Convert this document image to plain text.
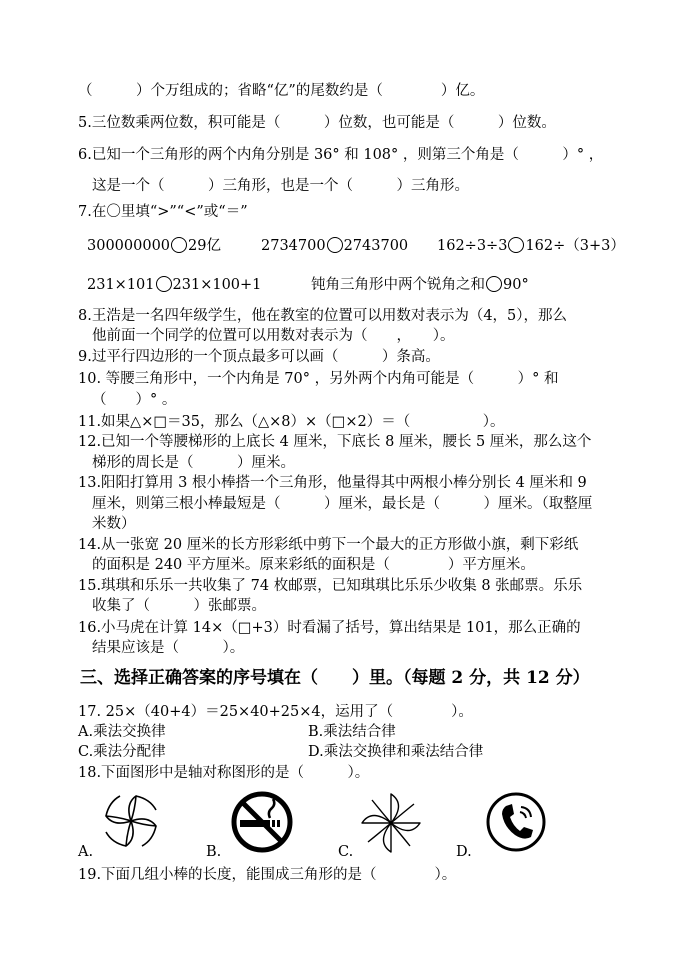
（　　　）个万组成的；省略“亿”的尾数约是（　　　　）亿。
5.三位数乘两位数，积可能是（　　　）位数，也可能是（　　　）位数。
6.已知一个三角形的两个内角分别是 36° 和 108° ，则第三个角是（　　　）° ，
这是一个（　　　）三角形，也是一个（　　　）三角形。
7.在〇里填“>”“<”或“＝”
300000000 29亿	2734700 2743700 162÷3÷3 162÷（3+3）
231×101 231×100+1	钝角三角形中两个锐角之和 90°
8.王浩是一名四年级学生，他在教室的位置可以用数对表示为（4，5），那么
他前面一个同学的位置可以用数对表示为（　　，　　）。
9.过平行四边形的一个顶点最多可以画（　　　）条高。
10. 等腰三角形中，一个内角是 70° ，另外两个内角可能是（　　　）° 和
（　　）° 。
11.如果△×□＝35，那么（△×8）×（□×2）＝（　　　　　）。
12.已知一个等腰梯形的上底长 4 厘米，下底长 8 厘米，腰长 5 厘米，那么这个
梯形的周长是（　　　）厘米。
13.阳阳打算用 3 根小棒搭一个三角形，他量得其中两根小棒分别长 4 厘米和 9
厘米，则第三根小棒最短是（　　　）厘米，最长是（　　　）厘米。（取整厘
米数）
14.从一张宽 20 厘米的长方形彩纸中剪下一个最大的正方形做小旗，剩下彩纸
的面积是 240 平方厘米。原来彩纸的面积是（　　　　）平方厘米。
15.琪琪和乐乐一共收集了 74 枚邮票，已知琪琪比乐乐少收集 8 张邮票。乐乐
收集了（　　　）张邮票。
16.小马虎在计算 14×（□+3）时看漏了括号，算出结果是 101，那么正确的
结果应该是（　　　）。
三、选择正确答案的序号填在（　　）里。（每题 2 分，共 12 分）
17. 25×（40+4）＝25×40+25×4，运用了（　　　　）。
A.乘法交换律	B.乘法结合律
C.乘法分配律	D.乘法交换律和乘法结合律
18.下面图形中是轴对称图形的是（　　　）。
A.	B.	C.	D.
19.下面几组小棒的长度，能围成三角形的是（　　　　）。
